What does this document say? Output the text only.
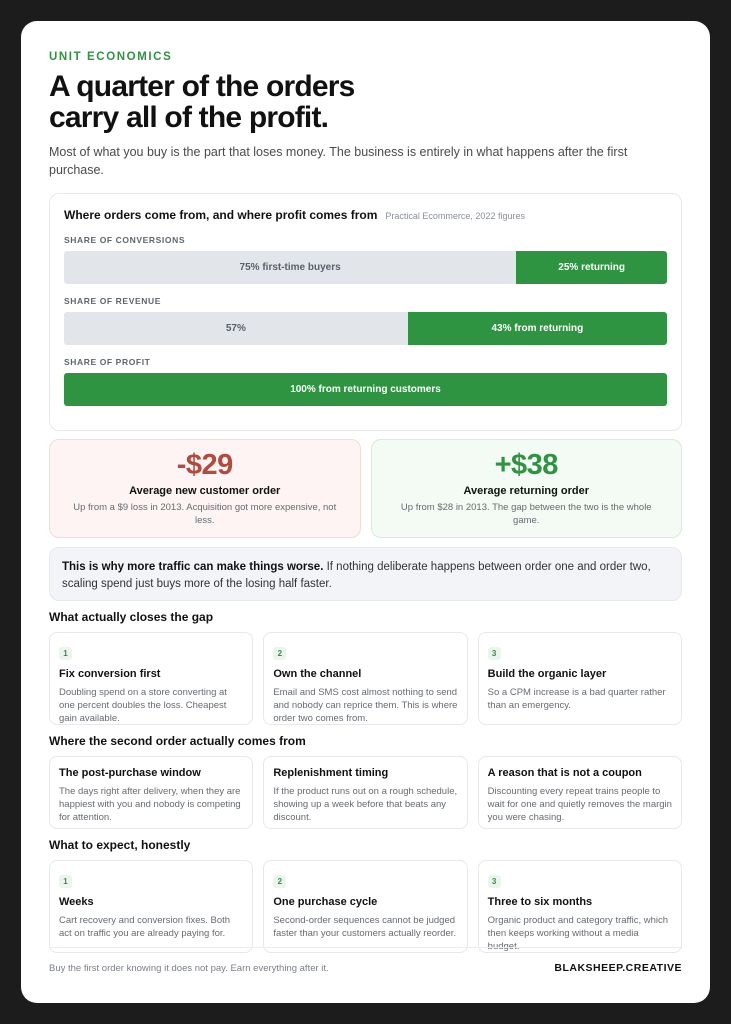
UNIT ECONOMICS
A quarter of the orders
carry all of the profit.

Most of what you buy is the part that loses money. The business is entirely in what happens after the first purchase.

Where orders come from, and where profit comes from Practical Ecommerce, 2022 figures
SHARE OF CONVERSIONS
75% first-time buyers	25% returning
SHARE OF REVENUE
57%	43% from returning
SHARE OF PROFIT
100% from returning customers
-$29
Average new customer order
Up from a $9 loss in 2013. Acquisition got more expensive, not less.
+$38
Average returning order
Up from $28 in 2013. The gap between the two is the whole game.
This is why more traffic can make things worse. If nothing deliberate happens between order one and order two, scaling spend just buys more of the losing half faster.
What actually closes the gap
1
Fix conversion first
Doubling spend on a store converting at one percent doubles the loss. Cheapest gain available.
2
Own the channel
Email and SMS cost almost nothing to send and nobody can reprice them. This is where order two comes from.
3
Build the organic layer
So a CPM increase is a bad quarter rather than an emergency.
Where the second order actually comes from
The post-purchase window
The days right after delivery, when they are happiest with you and nobody is competing for attention.
Replenishment timing
If the product runs out on a rough schedule, showing up a week before that beats any discount.
A reason that is not a coupon
Discounting every repeat trains people to wait for one and quietly removes the margin you were chasing.
What to expect, honestly
1
Weeks
Cart recovery and conversion fixes. Both act on traffic you are already paying for.
2
One purchase cycle
Second-order sequences cannot be judged faster than your customers actually reorder.
3
Three to six months
Organic product and category traffic, which then keeps working without a media budget.
Buy the first order knowing it does not pay. Earn everything after it.	BLAKSHEEP.CREATIVE
